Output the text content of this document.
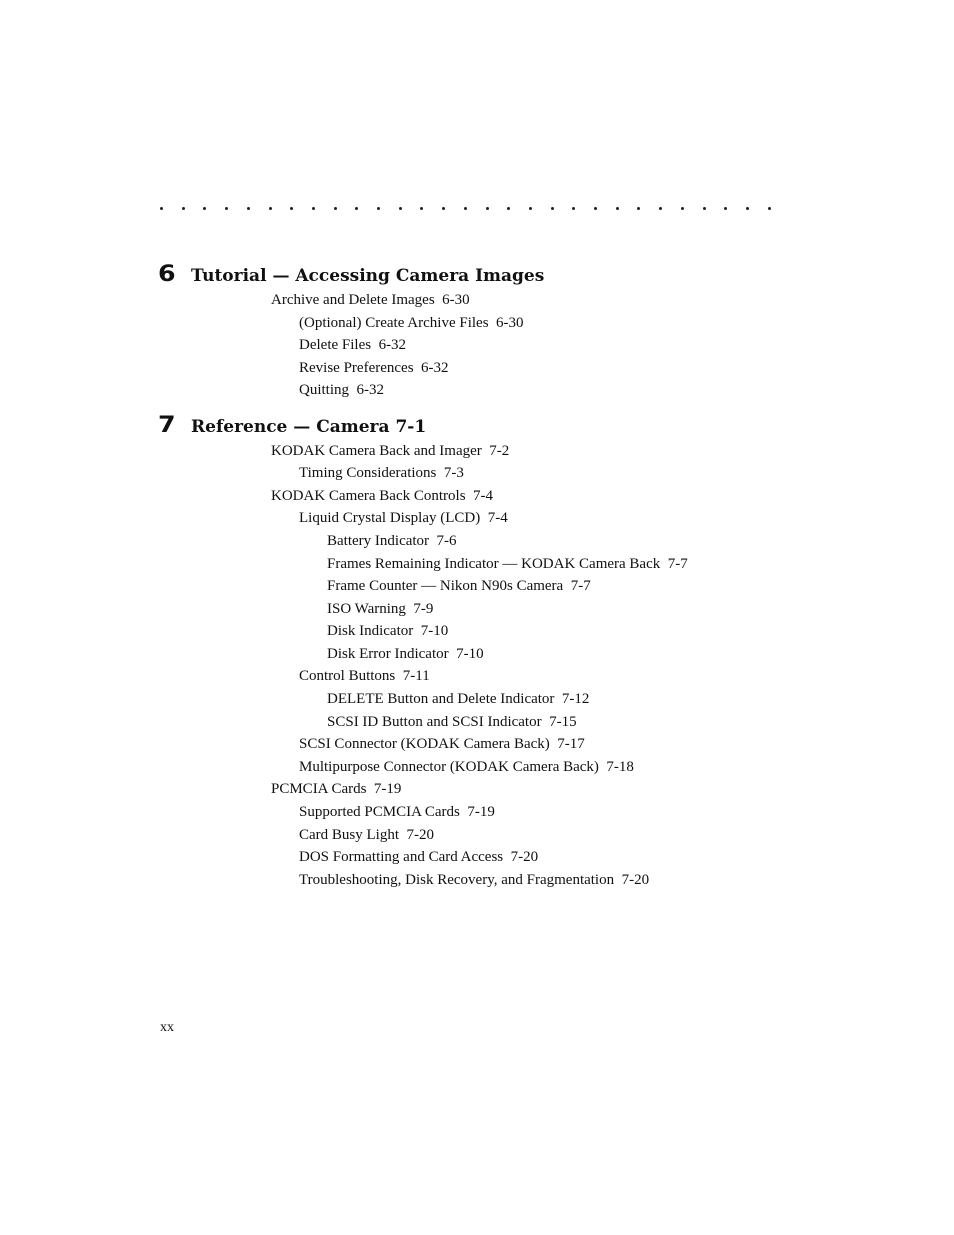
6 Tutorial — Accessing Camera Images
Archive and Delete Images  6-30
(Optional) Create Archive Files  6-30
Delete Files  6-32
Revise Preferences  6-32
Quitting  6-32
7 Reference — Camera 7-1
KODAK Camera Back and Imager  7-2
Timing Considerations  7-3
KODAK Camera Back Controls  7-4
Liquid Crystal Display (LCD)  7-4
Battery Indicator  7-6
Frames Remaining Indicator — KODAK Camera Back  7-7
Frame Counter — Nikon N90s Camera  7-7
ISO Warning  7-9
Disk Indicator  7-10
Disk Error Indicator  7-10
Control Buttons  7-11
DELETE Button and Delete Indicator  7-12
SCSI ID Button and SCSI Indicator  7-15
SCSI Connector (KODAK Camera Back)  7-17
Multipurpose Connector (KODAK Camera Back)  7-18
PCMCIA Cards  7-19
Supported PCMCIA Cards  7-19
Card Busy Light  7-20
DOS Formatting and Card Access  7-20
Troubleshooting, Disk Recovery, and Fragmentation  7-20
xx
